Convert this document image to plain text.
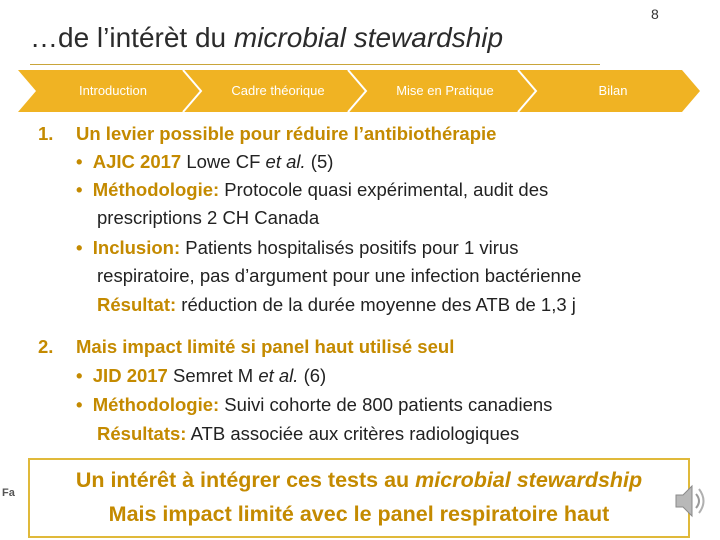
8
…de l’intérèt du microbial stewardship
Introduction	Cadre théorique	Mise en Pratique	Bilan
1. Un levier possible pour réduire l’antibiothérapie
• AJIC 2017 Lowe CF et al. (5)
• Méthodologie: Protocole quasi expérimental, audit des
prescriptions 2 CH Canada
• Inclusion: Patients hospitalisés positifs pour 1 virus
respiratoire, pas d’argument pour une infection bactérienne
Résultat: réduction de la durée moyenne des ATB de 1,3 j
2. Mais impact limité si panel haut utilisé seul
• JID 2017 Semret M et al. (6)
• Méthodologie: Suivi cohorte de 800 patients canadiens
Résultats: ATB associée aux critères radiologiques
Fa
Un intérêt à intégrer ces tests au microbial stewardship
Mais impact limité avec le panel respiratoire haut
